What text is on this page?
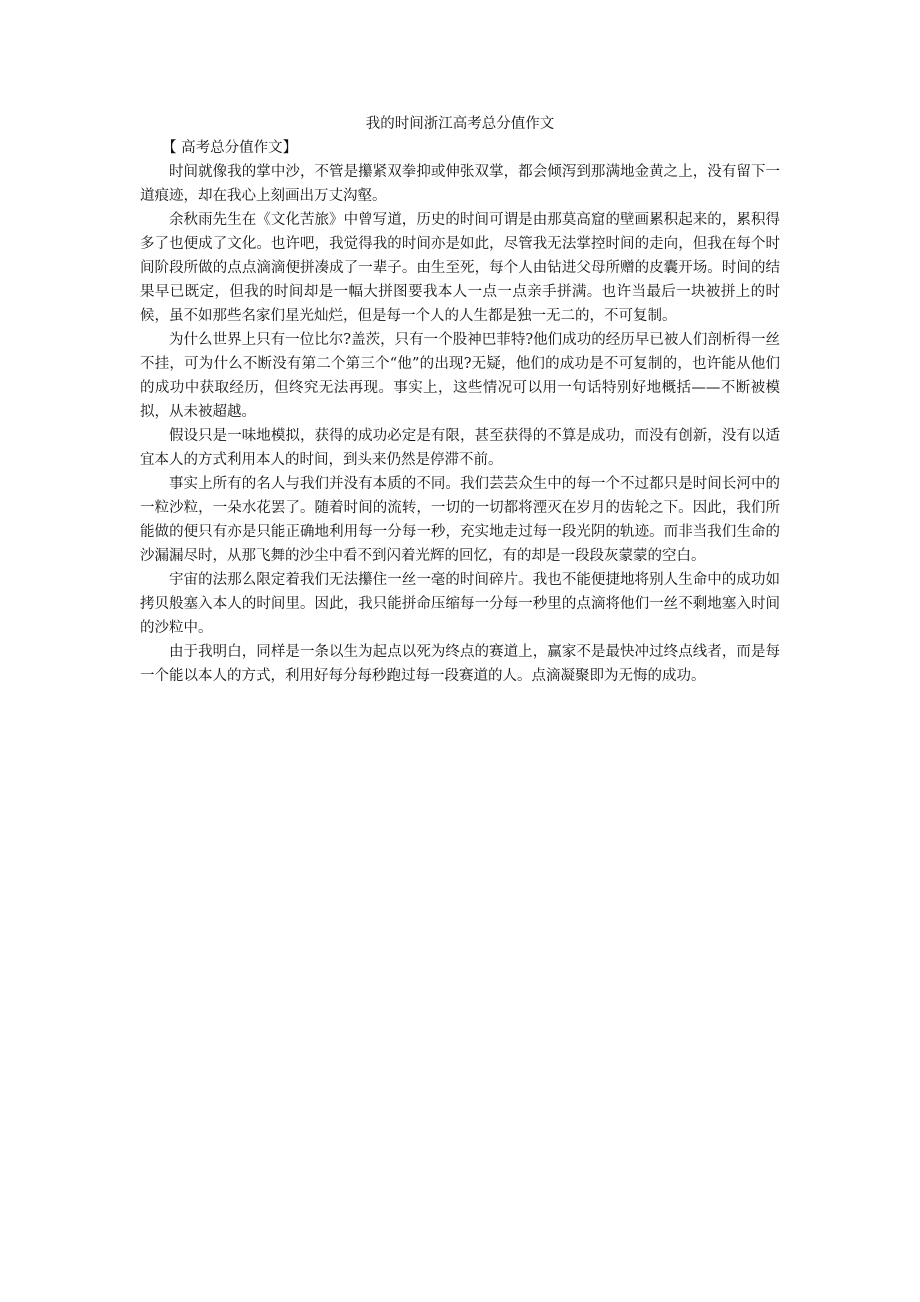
我的时间浙江高考总分值作文

【 高考总分值作文】

时间就像我的掌中沙，不管是攥紧双拳抑或伸张双掌，都会倾泻到那满地金黄之上，没有留下一道痕迹，却在我心上刻画出万丈沟壑。

余秋雨先生在《文化苦旅》中曾写道，历史的时间可谓是由那莫高窟的壁画累积起来的，累积得多了也便成了文化。也许吧，我觉得我的时间亦是如此，尽管我无法掌控时间的走向，但我在每个时间阶段所做的点点滴滴便拼凑成了一辈子。由生至死，每个人由钻进父母所赠的皮囊开场。时间的结果早已既定，但我的时间却是一幅大拼图要我本人一点一点亲手拼满。也许当最后一块被拼上的时候，虽不如那些名家们星光灿烂，但是每一个人的人生都是独一无二的，不可复制。

为什么世界上只有一位比尔?盖茨，只有一个股神巴菲特?他们成功的经历早已被人们剖析得一丝不挂，可为什么不断没有第二个第三个“他”的出现?无疑，他们的成功是不可复制的，也许能从他们的成功中获取经历，但终究无法再现。事实上，这些情况可以用一句话特别好地概括——不断被模拟，从未被超越。

假设只是一味地模拟，获得的成功必定是有限，甚至获得的不算是成功，而没有创新，没有以适宜本人的方式利用本人的时间，到头来仍然是停滞不前。

事实上所有的名人与我们并没有本质的不同。我们芸芸众生中的每一个不过都只是时间长河中的一粒沙粒，一朵水花罢了。随着时间的流转，一切的一切都将湮灭在岁月的齿轮之下。因此，我们所能做的便只有亦是只能正确地利用每一分每一秒，充实地走过每一段光阴的轨迹。而非当我们生命的沙漏漏尽时，从那飞舞的沙尘中看不到闪着光辉的回忆，有的却是一段段灰蒙蒙的空白。

宇宙的法那么限定着我们无法攥住一丝一毫的时间碎片。我也不能便捷地将别人生命中的成功如拷贝般塞入本人的时间里。因此，我只能拼命压缩每一分每一秒里的点滴将他们一丝不剩地塞入时间的沙粒中。

由于我明白，同样是一条以生为起点以死为终点的赛道上，赢家不是最快冲过终点线者，而是每一个能以本人的方式，利用好每分每秒跑过每一段赛道的人。点滴凝聚即为无悔的成功。
